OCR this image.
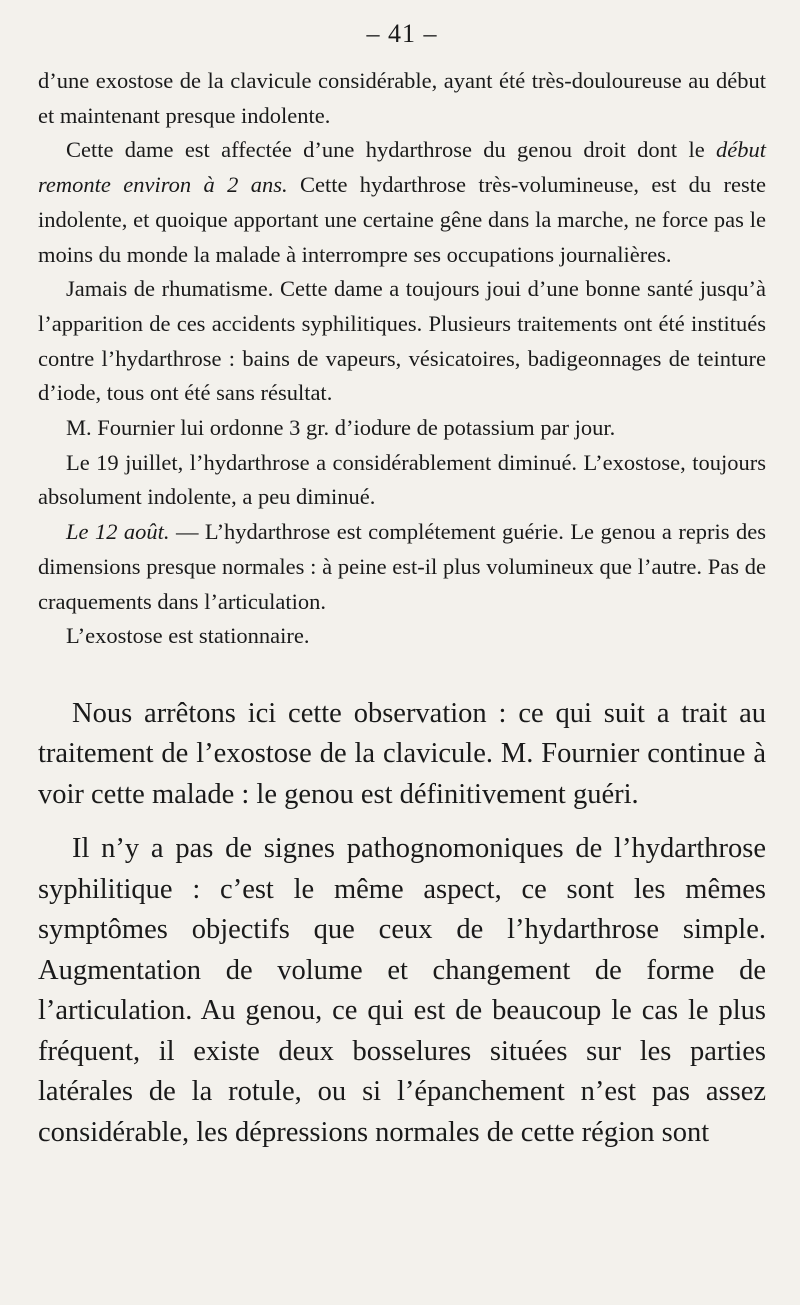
– 41 –

d’une exostose de la clavicule considérable, ayant été très-douloureuse au début et maintenant presque indolente.

Cette dame est affectée d’une hydarthrose du genou droit dont le début remonte environ à 2 ans. Cette hydarthrose très-volumineuse, est du reste indolente, et quoique apportant une certaine gêne dans la marche, ne force pas le moins du monde la malade à interrompre ses occupations journalières.

Jamais de rhumatisme. Cette dame a toujours joui d’une bonne santé jusqu’à l’apparition de ces accidents syphilitiques. Plusieurs traitements ont été institués contre l’hydarthrose : bains de vapeurs, vésicatoires, badigeonnages de teinture d’iode, tous ont été sans résultat.

M. Fournier lui ordonne 3 gr. d’iodure de potassium par jour.

Le 19 juillet, l’hydarthrose a considérablement diminué. L’exostose, toujours absolument indolente, a peu diminué.

Le 12 août. — L’hydarthrose est complétement guérie. Le genou a repris des dimensions presque normales : à peine est-il plus volumineux que l’autre. Pas de craquements dans l’articulation.

L’exostose est stationnaire.

Nous arrêtons ici cette observation : ce qui suit a trait au traitement de l’exostose de la clavicule. M. Fournier continue à voir cette malade : le genou est définitivement guéri.

Il n’y a pas de signes pathognomoniques de l’hydarthrose syphilitique : c’est le même aspect, ce sont les mêmes symptômes objectifs que ceux de l’hydarthrose simple. Augmentation de volume et changement de forme de l’articulation. Au genou, ce qui est de beaucoup le cas le plus fréquent, il existe deux bosselures situées sur les parties latérales de la rotule, ou si l’épanchement n’est pas assez considérable, les dépressions normales de cette région sont
